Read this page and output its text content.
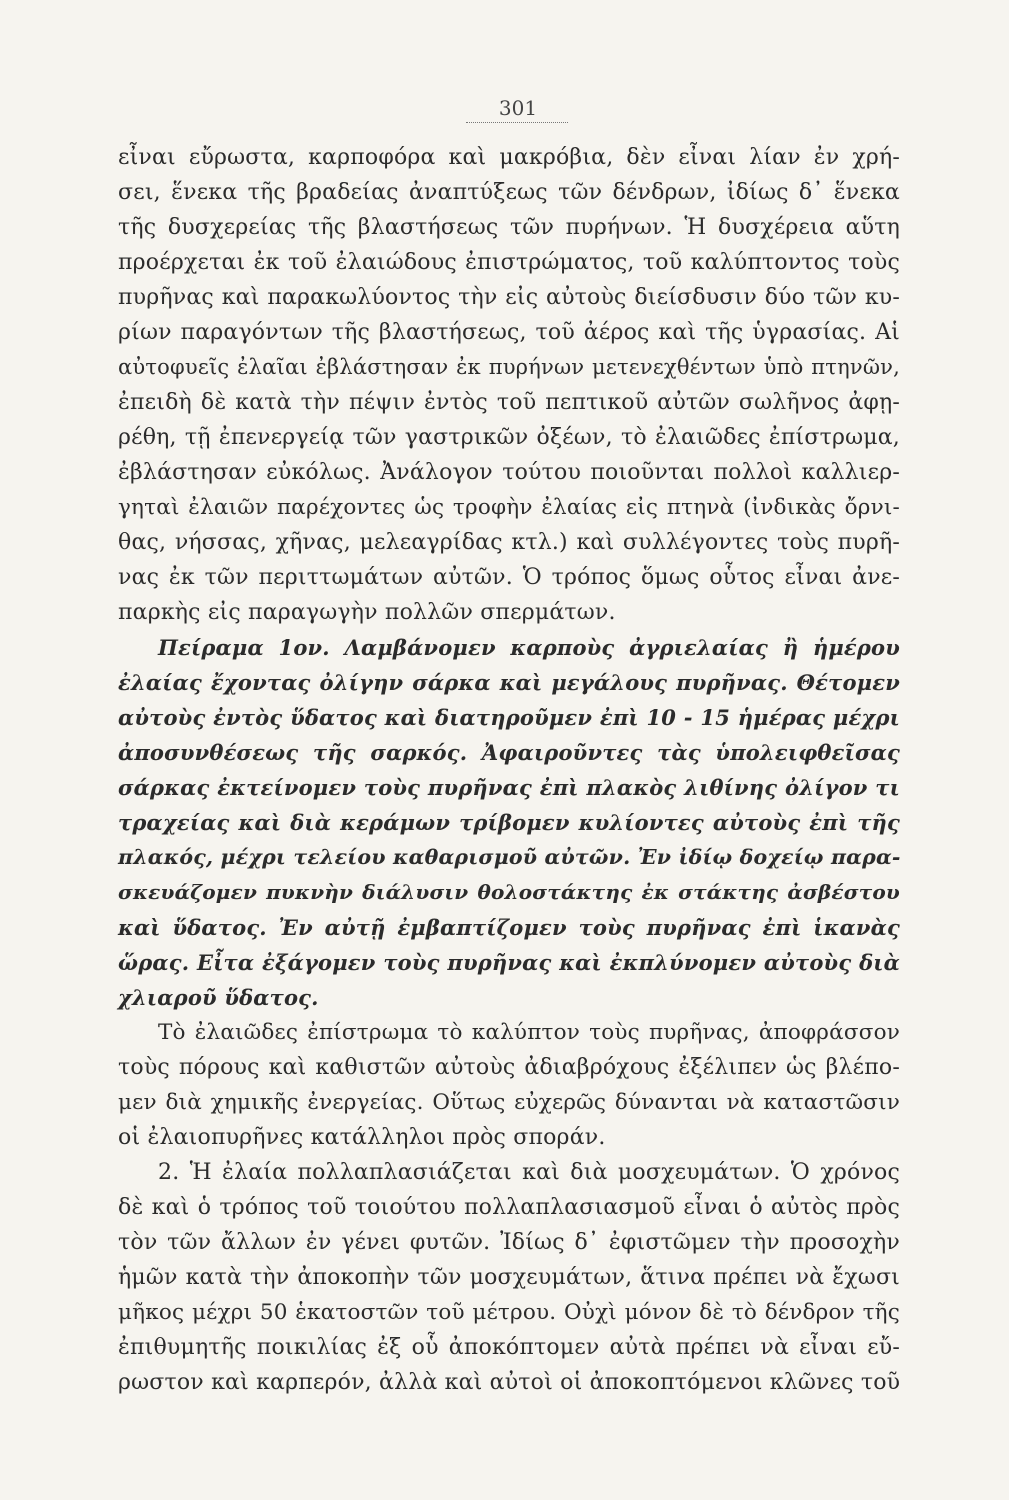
301
εἶναι εὔρωστα, καρποφόρα καὶ μακρόβια, δὲν εἶναι λίαν ἐν χρή-
σει, ἕνεκα τῆς βραδείας ἀναπτύξεως τῶν δένδρων, ἰδίως δ᾽ ἕνεκα
τῆς δυσχερείας τῆς βλαστήσεως τῶν πυρήνων. Ἡ δυσχέρεια αὕτη
προέρχεται ἐκ τοῦ ἐλαιώδους ἐπιστρώματος, τοῦ καλύπτοντος τοὺς
πυρῆνας καὶ παρακωλύοντος τὴν εἰς αὐτοὺς διείσδυσιν δύο τῶν κυ-
ρίων παραγόντων τῆς βλαστήσεως, τοῦ ἀέρος καὶ τῆς ὑγρασίας. Αἱ
αὐτοφυεῖς ἐλαῖαι ἐβλάστησαν ἐκ πυρήνων μετενεχθέντων ὑπὸ πτηνῶν,
ἐπειδὴ δὲ κατὰ τὴν πέψιν ἐντὸς τοῦ πεπτικοῦ αὐτῶν σωλῆνος ἀφῃ-
ρέθη, τῇ ἐπενεργείᾳ τῶν γαστρικῶν ὀξέων, τὸ ἐλαιῶδες ἐπίστρωμα,
ἐβλάστησαν εὐκόλως. Ἀνάλογον τούτου ποιοῦνται πολλοὶ καλλιερ-
γηταὶ ἐλαιῶν παρέχοντες ὡς τροφὴν ἐλαίας εἰς πτηνὰ (ἰνδικὰς ὄρνι-
θας, νήσσας, χῆνας, μελεαγρίδας κτλ.) καὶ συλλέγοντες τοὺς πυρῆ-
νας ἐκ τῶν περιττωμάτων αὐτῶν. Ὁ τρόπος ὅμως οὗτος εἶναι ἀνε-
παρκὴς εἰς παραγωγὴν πολλῶν σπερμάτων.
Πείραμα 1ον. Λαμβάνομεν καρποὺς ἀγριελαίας ἢ ἡμέρου
ἐλαίας ἔχοντας ὀλίγην σάρκα καὶ μεγάλους πυρῆνας. Θέτομεν
αὐτοὺς ἐντὸς ὕδατος καὶ διατηροῦμεν ἐπὶ 10 - 15 ἡμέρας μέχρι
ἀποσυνθέσεως τῆς σαρκός. Ἀφαιροῦντες τὰς ὑπολειφθεῖσας
σάρκας ἐκτείνομεν τοὺς πυρῆνας ἐπὶ πλακὸς λιθίνης ὀλίγον τι
τραχείας καὶ διὰ κεράμων τρίβομεν κυλίοντες αὐτοὺς ἐπὶ τῆς
πλακός, μέχρι τελείου καθαρισμοῦ αὐτῶν. Ἐν ἰδίῳ δοχείῳ παρα-
σκευάζομεν πυκνὴν διάλυσιν θολοστάκτης ἐκ στάκτης ἀσβέστου
καὶ ὕδατος. Ἐν αὐτῇ ἐμβαπτίζομεν τοὺς πυρῆνας ἐπὶ ἱκανὰς
ὥρας. Εἶτα ἐξάγομεν τοὺς πυρῆνας καὶ ἐκπλύνομεν αὐτοὺς διὰ
χλιαροῦ ὕδατος.
Τὸ ἐλαιῶδες ἐπίστρωμα τὸ καλύπτον τοὺς πυρῆνας, ἀποφράσσον
τοὺς πόρους καὶ καθιστῶν αὐτοὺς ἀδιαβρόχους ἐξέλιπεν ὡς βλέπο-
μεν διὰ χημικῆς ἐνεργείας. Οὕτως εὐχερῶς δύνανται νὰ καταστῶσιν
οἱ ἐλαιοπυρῆνες κατάλληλοι πρὸς σποράν.
2. Ἡ ἐλαία πολλαπλασιάζεται καὶ διὰ μοσχευμάτων. Ὁ χρόνος
δὲ καὶ ὁ τρόπος τοῦ τοιούτου πολλαπλασιασμοῦ εἶναι ὁ αὐτὸς πρὸς
τὸν τῶν ἄλλων ἐν γένει φυτῶν. Ἰδίως δ᾽ ἐφιστῶμεν τὴν προσοχὴν
ἡμῶν κατὰ τὴν ἀποκοπὴν τῶν μοσχευμάτων, ἅτινα πρέπει νὰ ἔχωσι
μῆκος μέχρι 50 ἑκατοστῶν τοῦ μέτρου. Οὐχὶ μόνον δὲ τὸ δένδρον τῆς
ἐπιθυμητῆς ποικιλίας ἐξ οὗ ἀποκόπτομεν αὐτὰ πρέπει νὰ εἶναι εὔ-
ρωστον καὶ καρπερόν, ἀλλὰ καὶ αὐτοὶ οἱ ἀποκοπτόμενοι κλῶνες τοῦ
